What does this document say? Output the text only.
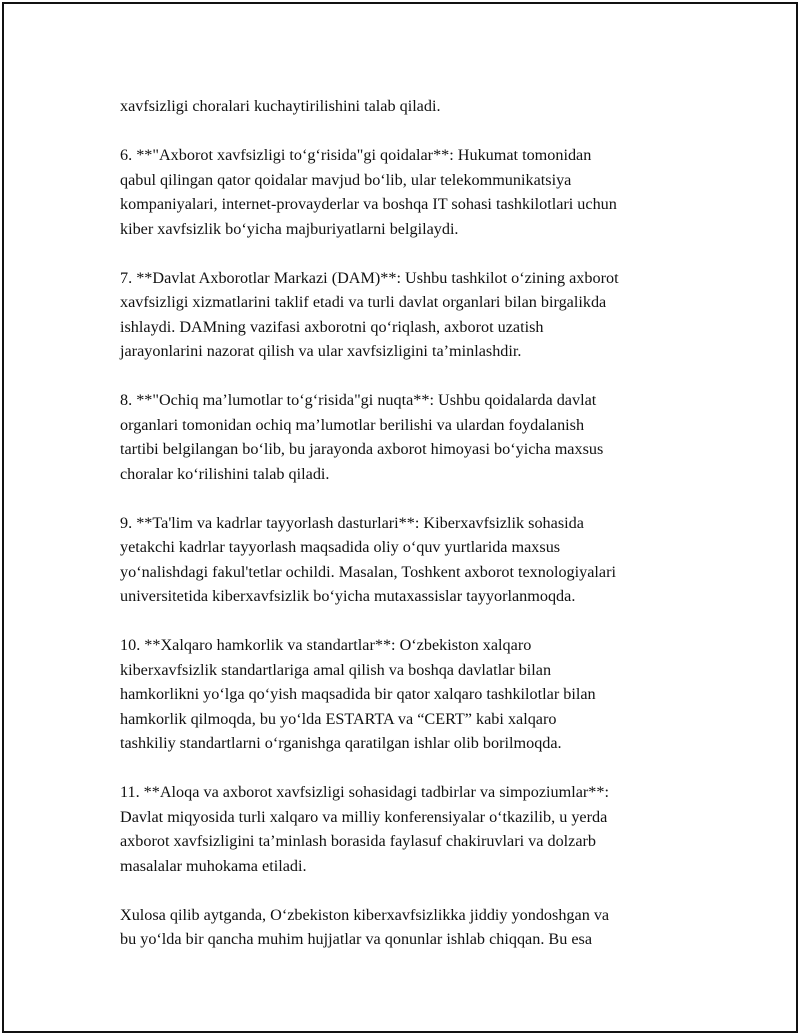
xavfsizligi choralari kuchaytirilishini talab qiladi.

6. **"Axborot xavfsizligi to‘g‘risida"gi qoidalar**: Hukumat tomonidan
qabul qilingan qator qoidalar mavjud bo‘lib, ular telekommunikatsiya
kompaniyalari, internet-provayderlar va boshqa IT sohasi tashkilotlari uchun
kiber xavfsizlik bo‘yicha majburiyatlarni belgilaydi.

7. **Davlat Axborotlar Markazi (DAM)**: Ushbu tashkilot o‘zining axborot
xavfsizligi xizmatlarini taklif etadi va turli davlat organlari bilan birgalikda
ishlaydi. DAMning vazifasi axborotni qo‘riqlash, axborot uzatish
jarayonlarini nazorat qilish va ular xavfsizligini ta’minlashdir.

8. **"Ochiq ma’lumotlar to‘g‘risida"gi nuqta**: Ushbu qoidalarda davlat
organlari tomonidan ochiq ma’lumotlar berilishi va ulardan foydalanish
tartibi belgilangan bo‘lib, bu jarayonda axborot himoyasi bo‘yicha maxsus
choralar ko‘rilishini talab qiladi.

9. **Ta'lim va kadrlar tayyorlash dasturlari**: Kiberxavfsizlik sohasida
yetakchi kadrlar tayyorlash maqsadida oliy o‘quv yurtlarida maxsus
yo‘nalishdagi fakul'tetlar ochildi. Masalan, Toshkent axborot texnologiyalari
universitetida kiberxavfsizlik bo‘yicha mutaxassislar tayyorlanmoqda.

10. **Xalqaro hamkorlik va standartlar**: O‘zbekiston xalqaro
kiberxavfsizlik standartlariga amal qilish va boshqa davlatlar bilan
hamkorlikni yo‘lga qo‘yish maqsadida bir qator xalqaro tashkilotlar bilan
hamkorlik qilmoqda, bu yo‘lda ESTARTA va “CERT” kabi xalqaro
tashkiliy standartlarni o‘rganishga qaratilgan ishlar olib borilmoqda.

11. **Aloqa va axborot xavfsizligi sohasidagi tadbirlar va simpoziumlar**:
Davlat miqyosida turli xalqaro va milliy konferensiyalar o‘tkazilib, u yerda
axborot xavfsizligini ta’minlash borasida faylasuf chakiruvlari va dolzarb
masalalar muhokama etiladi.

Xulosa qilib aytganda, O‘zbekiston kiberxavfsizlikka jiddiy yondoshgan va
bu yo‘lda bir qancha muhim hujjatlar va qonunlar ishlab chiqqan. Bu esa
